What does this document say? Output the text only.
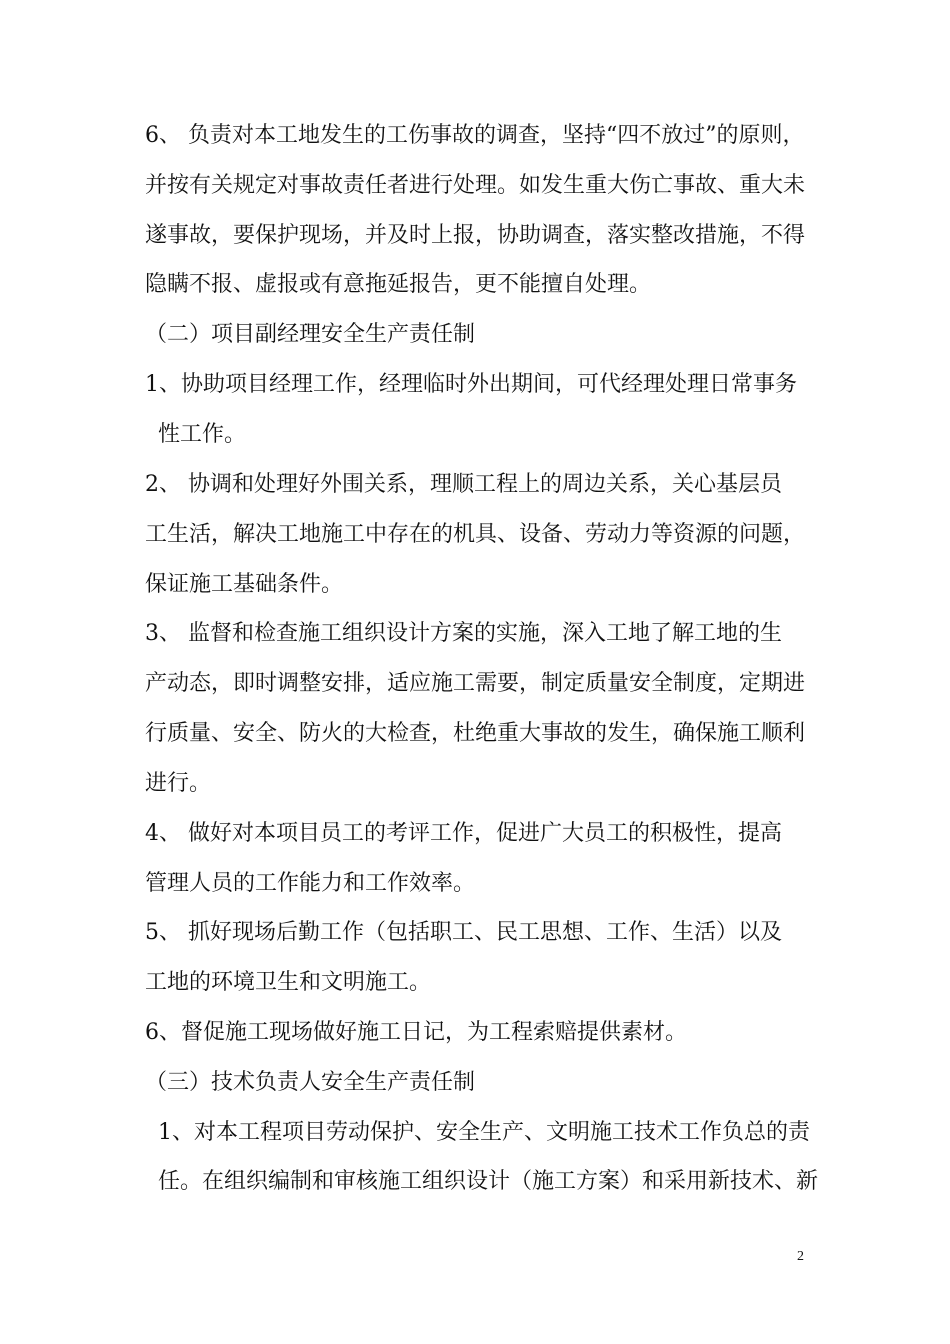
6、 负责对本工地发生的工伤事故的调查，坚持“四不放过”的原则，
并按有关规定对事故责任者进行处理。如发生重大伤亡事故、重大未
遂事故，要保护现场，并及时上报，协助调查，落实整改措施，不得
隐瞒不报、虚报或有意拖延报告，更不能擅自处理。
（二）项目副经理安全生产责任制
1、协助项目经理工作，经理临时外出期间，可代经理处理日常事务
性工作。
2、 协调和处理好外围关系，理顺工程上的周边关系，关心基层员
工生活，解决工地施工中存在的机具、设备、劳动力等资源的问题，
保证施工基础条件。
3、 监督和检查施工组织设计方案的实施，深入工地了解工地的生
产动态，即时调整安排，适应施工需要，制定质量安全制度，定期进
行质量、安全、防火的大检查，杜绝重大事故的发生，确保施工顺利
进行。
4、 做好对本项目员工的考评工作，促进广大员工的积极性，提高
管理人员的工作能力和工作效率。
5、 抓好现场后勤工作（包括职工、民工思想、工作、生活）以及
工地的环境卫生和文明施工。
6、督促施工现场做好施工日记，为工程索赔提供素材。
（三）技术负责人安全生产责任制
1、对本工程项目劳动保护、安全生产、文明施工技术工作负总的责
任。在组织编制和审核施工组织设计（施工方案）和采用新技术、新
2
